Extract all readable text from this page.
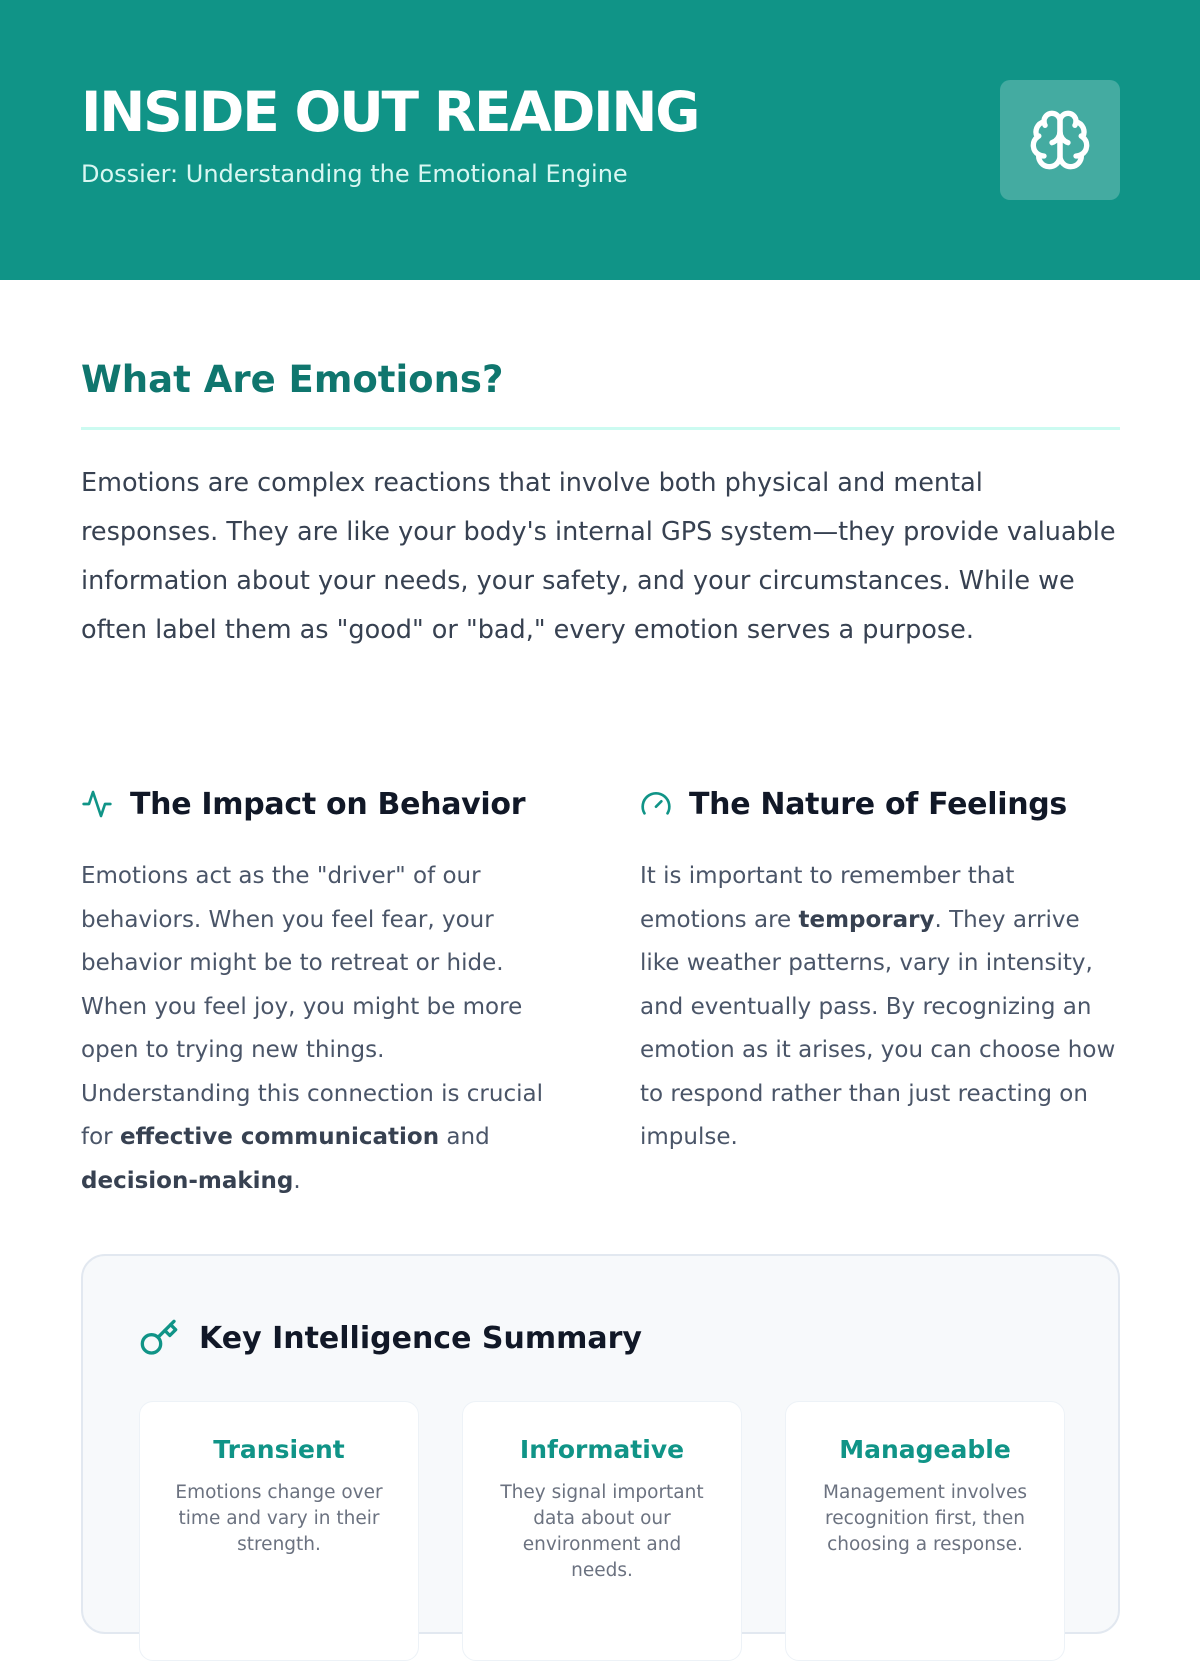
INSIDE OUT READING
Dossier: Understanding the Emotional Engine
What Are Emotions?

Emotions are complex reactions that involve both physical and mental responses. They are like your body's internal GPS system—they provide valuable information about your needs, your safety, and your circumstances. While we often label them as "good" or "bad," every emotion serves a purpose.

The Impact on Behavior

Emotions act as the "driver" of our behaviors. When you feel fear, your behavior might be to retreat or hide. When you feel joy, you might be more open to trying new things. Understanding this connection is crucial for effective communication and decision-making.

The Nature of Feelings

It is important to remember that emotions are temporary. They arrive like weather patterns, vary in intensity, and eventually pass. By recognizing an emotion as it arises, you can choose how to respond rather than just reacting on impulse.

Key Intelligence Summary
Transient

Emotions change over time and vary in their strength.

Informative

They signal important data about our environment and needs.

Manageable

Management involves recognition first, then choosing a response.
